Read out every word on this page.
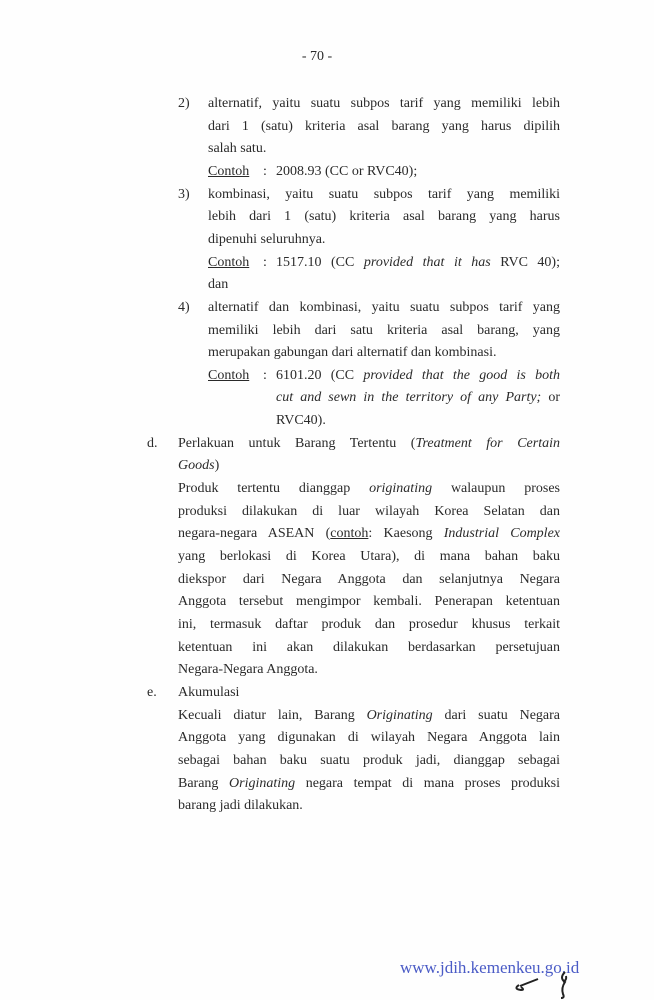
- 70 -
alternatif, yaitu suatu subpos tarif yang memiliki lebih
2)
dari 1 (satu) kriteria asal barang yang harus dipilih
salah satu.
2008.93 (CC or RVC40);
Contoh :
kombinasi, yaitu suatu subpos tarif yang memiliki
3)
lebih dari 1 (satu) kriteria asal barang yang harus
dipenuhi seluruhnya.
1517.10 (CC provided that it has RVC 40);
Contoh :
dan
alternatif dan kombinasi, yaitu suatu subpos tarif yang
4)
memiliki lebih dari satu kriteria asal barang, yang
merupakan gabungan dari alternatif dan kombinasi.
6101.20 (CC provided that the good is both
Contoh :
cut and sewn in the territory of any Party; or
RVC40).
Perlakuan untuk Barang Tertentu (Treatment for Certain
d.
Goods)
Produk tertentu dianggap originating walaupun proses
produksi dilakukan di luar wilayah Korea Selatan dan
negara-negara ASEAN (contoh: Kaesong Industrial Complex
yang berlokasi di Korea Utara), di mana bahan baku
diekspor dari Negara Anggota dan selanjutnya Negara
Anggota tersebut mengimpor kembali. Penerapan ketentuan
ini, termasuk daftar produk dan prosedur khusus terkait
ketentuan ini akan dilakukan berdasarkan persetujuan
Negara-Negara Anggota.
Akumulasi
e.
Kecuali diatur lain, Barang Originating dari suatu Negara
Anggota yang digunakan di wilayah Negara Anggota lain
sebagai bahan baku suatu produk jadi, dianggap sebagai
Barang Originating negara tempat di mana proses produksi
barang jadi dilakukan.
www.jdih.kemenkeu.go.id
